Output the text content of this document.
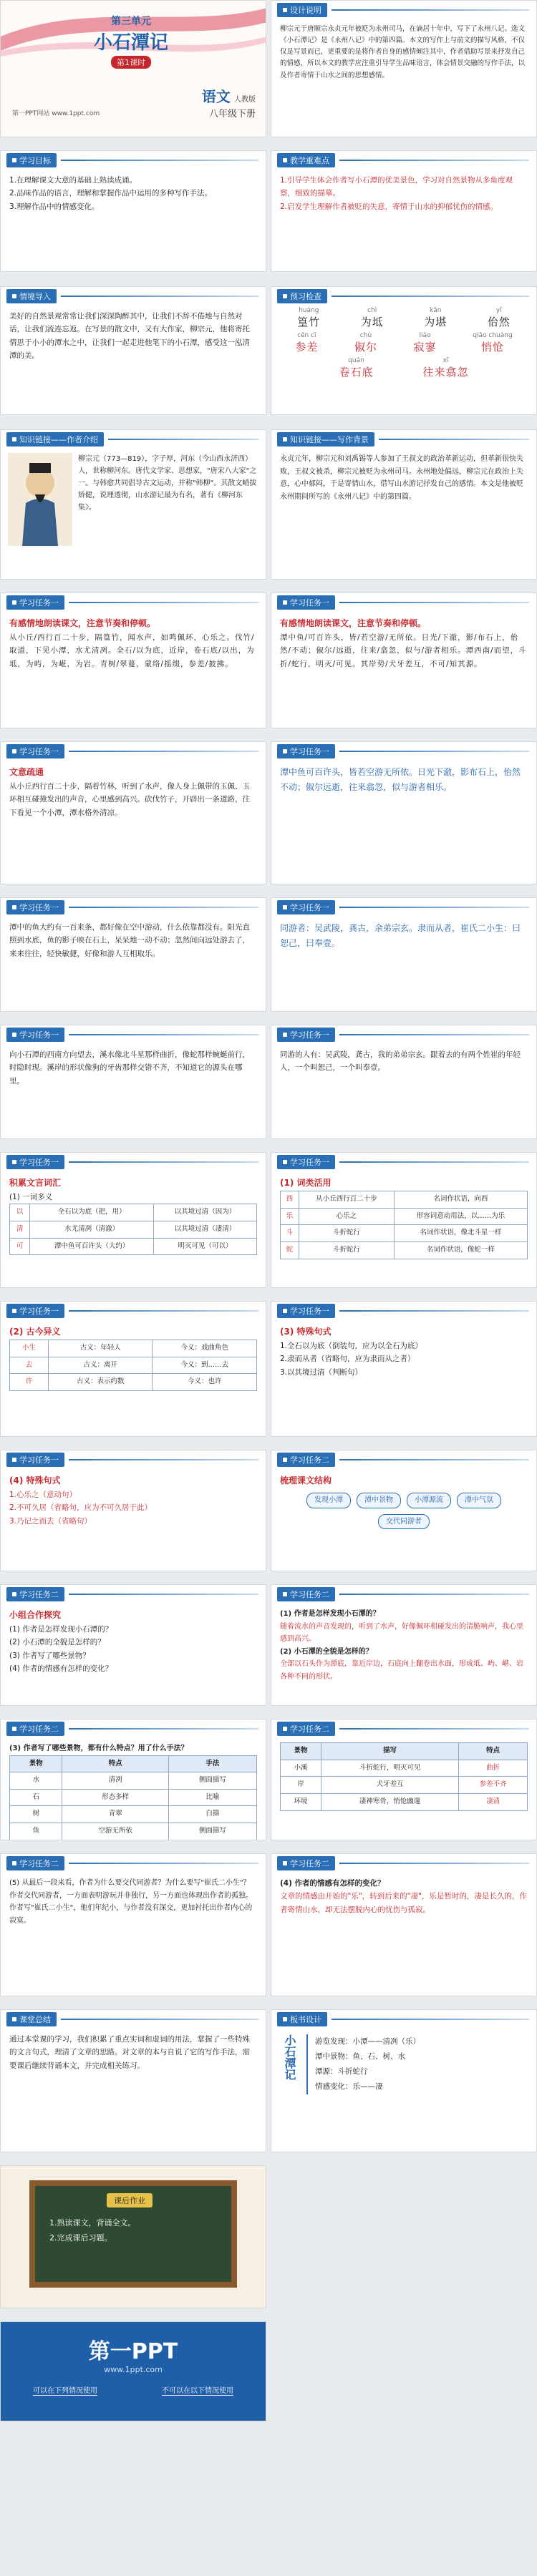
第三单元
小石潭记
第1课时
语文 人教版
八年级下册
第一PPT网站 www.1ppt.com
设计说明
柳宗元于唐顺宗永贞元年被贬为永州司马，在谪居十年中，写下了永州八记。选文《小石潭记》是《永州八记》中的第四篇。本文的写作上与前文的描写风格，不仅仅是写景而已，更重要的是将作者自身的感情倾注其中，作者借助写景来抒发自己的情感，所以本文的教学应注重引导学生品味语言，体会情景交融的写作手法，以及作者寄情于山水之间的思想感情。
学习目标
1.在理解课文大意的基础上熟读成诵。
2.品味作品的语言，理解和掌握作品中运用的多种写作手法。
3.理解作品中的情感变化。
教学重难点
1.引导学生体会作者写小石潭的优美景色，学习对自然景物从多角度观察，细致的描摹。
2.启发学生理解作者被贬的失意，寄情于山水的抑郁忧伤的情感。
情境导入
美好的自然景观常常让我们深深陶醉其中，让我们不辞不倦地与自然对话，让我们流连忘返。在写景的散文中，又有大作家，柳宗元，他将寄托情思于小小的潭水之中，让我们一起走进他笔下的小石潭，感受这一泓清潭的美。
预习检查
huáng
篁竹
chì
为坻
kān
为堪
yǐ
佁然
cēn cī
参差
chù
俶尔
liáo
寂寥
qiǎo chuàng
悄怆
quán
卷石底
xī
往来翕忽
知识链接——作者介绍
柳宗元（773—819），字子厚，河东（今山西永济西）人，世称柳河东。唐代文学家、思想家，"唐宋八大家"之一。与韩愈共同倡导古文运动，并称"韩柳"。其散文峭拔矫健，说理透彻，山水游记最为有名，著有《柳河东集》。
知识链接——写作背景
永贞元年，柳宗元和刘禹锡等人参加了王叔文的政治革新运动，但革新很快失败，王叔文被杀，柳宗元被贬为永州司马。永州地处偏远，柳宗元在政治上失意，心中郁闷，于是寄情山水，借写山水游记抒发自己的感情。本文是他被贬永州期间所写的《永州八记》中的第四篇。
学习任务一
有感情地朗读课文，注意节奏和停顿。
从小丘/西行百二十步，隔篁竹，闻水声，如鸣佩环，心乐之。伐竹/取道，下见小潭，水尤清冽。全石/以为底，近岸，卷石底/以出，为坻，为屿，为嵁，为岩。青树/翠蔓，蒙络/摇缀，参差/披拂。
学习任务一
有感情地朗读课文，注意节奏和停顿。
潭中鱼/可百许头，皆/若空游/无所依。日光/下澈，影/布石上，佁然/不动；俶尔/远逝，往来/翕忽，似与/游者相乐。潭西南/而望，斗折/蛇行，明灭/可见。其岸势/犬牙差互，不可/知其源。
学习任务一
文意疏通
从小丘西行百二十步，隔着竹林，听到了水声，像人身上佩带的玉佩、玉环相互碰撞发出的声音，心里感到高兴。砍伐竹子，开辟出一条道路，往下看见一个小潭，潭水格外清凉。
学习任务一
潭中鱼可百许头，皆若空游无所依。日光下澈，影布石上，佁然不动；俶尔远逝，往来翕忽，似与游者相乐。
学习任务一
潭中的鱼大约有一百来条，都好像在空中游动，什么依靠都没有。阳光直照到水底，鱼的影子映在石上，呆呆地一动不动；忽然间向远处游去了，来来往往，轻快敏捷，好像和游人互相取乐。
学习任务一
同游者：吴武陵，龚古，余弟宗玄。隶而从者，崔氏二小生：曰恕己，曰奉壹。
学习任务一
向小石潭的西南方向望去，溪水像北斗星那样曲折，像蛇那样蜿蜒前行，时隐时现。溪岸的形状像狗的牙齿那样交错不齐，不知道它的源头在哪里。
学习任务一
同游的人有：吴武陵，龚古，我的弟弟宗玄。跟着去的有两个姓崔的年轻人，一个叫恕己，一个叫奉壹。
学习任务一
积累文言词汇
(1) 一词多义
以	全石以为底（把，用）	以其境过清（因为）
清	水尤清冽（清澈）	以其境过清（凄清）
可	潭中鱼可百许头（大约）	明灭可见（可以）
学习任务一
(1) 词类活用
西	从小丘西行百二十步	名词作状语，向西
乐	心乐之	形容词意动用法，以……为乐
斗	斗折蛇行	名词作状语，像北斗星一样
蛇	斗折蛇行	名词作状语，像蛇一样
学习任务一
(2) 古今异义
小生	古义：年轻人	今义：戏曲角色
去	古义：离开	今义：到……去
许	古义：表示约数	今义：也许
学习任务一
(3) 特殊句式
1.全石以为底（倒装句，应为以全石为底）
2.隶而从者（省略句，应为隶而从之者）
3.以其境过清（判断句）
学习任务一
(4) 特殊句式
1.心乐之（意动句）
2.不可久居（省略句，应为不可久居于此）
3.乃记之而去（省略句）
学习任务二
梳理课文结构
发现小潭	潭中景物	小潭源流	潭中气氛
交代同游者
学习任务二
小组合作探究
(1) 作者是怎样发现小石潭的？
(2) 小石潭的全貌是怎样的？
(3) 作者写了哪些景物？
(4) 作者的情感有怎样的变化？
学习任务二
(1) 作者是怎样发现小石潭的？
随着流水的声音发现的，听到了水声，好像佩环相碰发出的清脆响声，我心里感到高兴。
(2) 小石潭的全貌是怎样的？
全部以石头作为潭底，靠近岸边，石底向上翻卷出水面，形成坻、屿、嵁、岩各种不同的形状。
学习任务二
(3) 作者写了哪些景物，都有什么特点？用了什么手法？
景物	特点	手法
水	清冽	侧面描写
石	形态多样	比喻
树	青翠	白描
鱼	空游无所依	侧面描写
学习任务二
景物	描写	特点
小溪	斗折蛇行，明灭可见	曲折
岸	犬牙差互	参差不齐
环境	凄神寒骨，悄怆幽邃	凄清
学习任务二
(5) 从最后一段来看，作者为什么要交代同游者？为什么要写"崔氏二小生"？作者交代同游者，一方面表明游玩并非独行，另一方面也体现出作者的孤独。作者写"崔氏二小生"，他们年纪小，与作者没有深交，更加衬托出作者内心的寂寞。
学习任务二
(4) 作者的情感有怎样的变化？
文章的情感由开始的"乐"，转到后来的"凄"，乐是暂时的，凄是长久的，作者寄情山水，却无法摆脱内心的忧伤与孤寂。
课堂总结
通过本堂课的学习，我们积累了重点实词和虚词的用法，掌握了一些特殊的文言句式，理清了文章的思路。对文章的本与自说了它的写作手法，需要课后继续背诵本文，并完成相关练习。
板书设计
小石潭记 游览发现：小潭——清冽（乐）
潭中景物：鱼、石、树、水
潭源：斗折蛇行
情感变化：乐——凄
课后作业
1.熟读课文，背诵全文。
2.完成课后习题。
第一PPT
www.1ppt.com
可以在下列情况使用	不可以在以下情况使用
